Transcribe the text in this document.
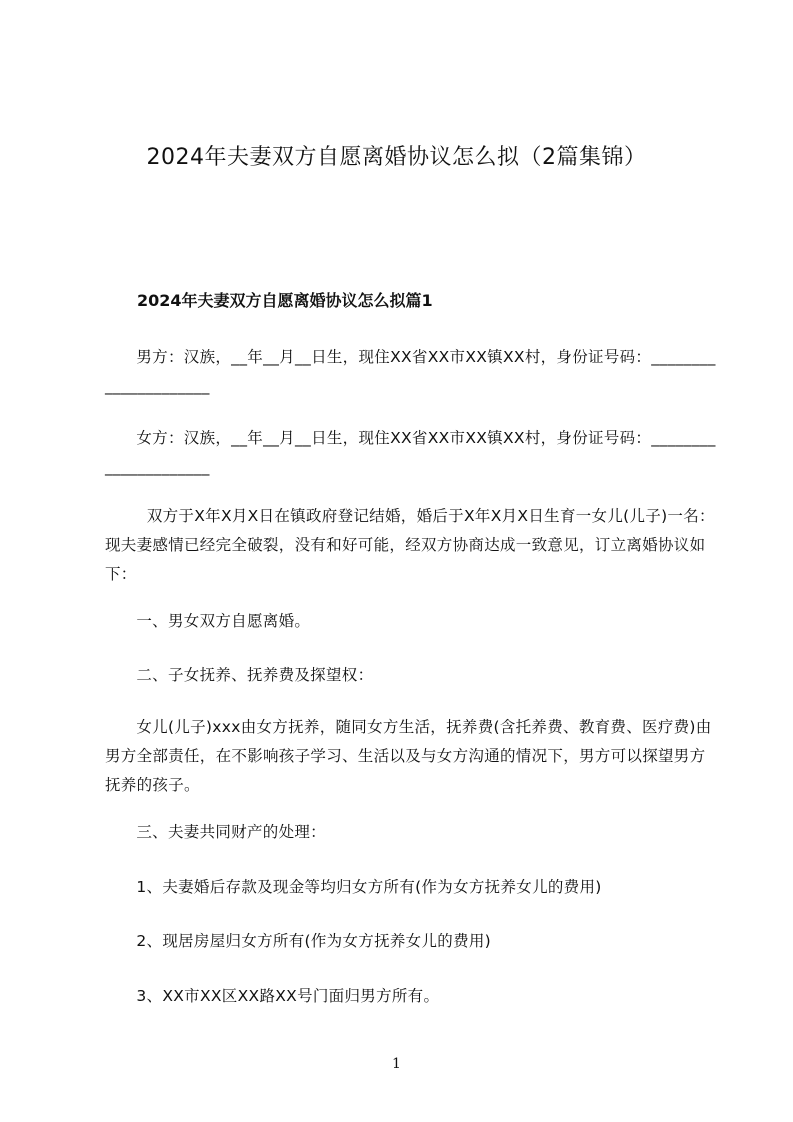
2024年夫妻双方自愿离婚协议怎么拟（2篇集锦）
2024年夫妻双方自愿离婚协议怎么拟篇1
男方：汉族，__年__月__日生，现住XX省XX市XX镇XX村，身份证号码：_____________________
女方：汉族，__年__月__日生，现住XX省XX市XX镇XX村，身份证号码：_____________________
双方于X年X月X日在镇政府登记结婚，婚后于X年X月X日生育一女儿(儿子)一名：现夫妻感情已经完全破裂，没有和好可能，经双方协商达成一致意见，订立离婚协议如下：
一、男女双方自愿离婚。
二、子女抚养、抚养费及探望权：
女儿(儿子)xxx由女方抚养，随同女方生活，抚养费(含托养费、教育费、医疗费)由男方全部责任，在不影响孩子学习、生活以及与女方沟通的情况下，男方可以探望男方抚养的孩子。
三、夫妻共同财产的处理：
1、夫妻婚后存款及现金等均归女方所有(作为女方抚养女儿的费用)
2、现居房屋归女方所有(作为女方抚养女儿的费用)
3、XX市XX区XX路XX号门面归男方所有。
1
